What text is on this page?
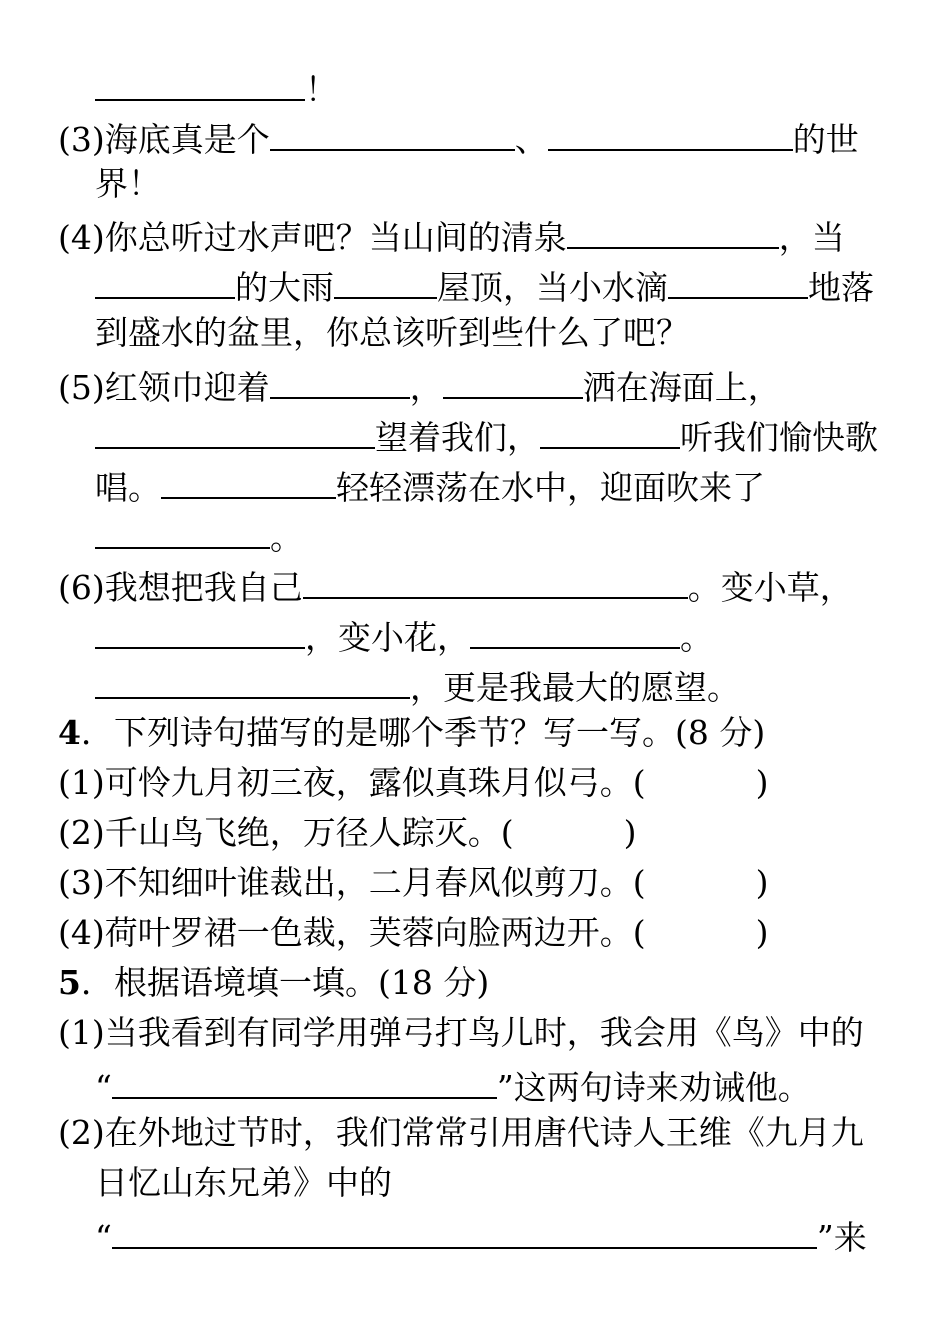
！
(3)海底真是个	、	的世
界！
(4)你总听过水声吧？当山间的清泉	，当
的大雨	屋顶，当小水滴	地落
到盛水的盆里，你总该听到些什么了吧？
(5)红领巾迎着	，	洒在海面上，
望着我们，	听我们愉快歌
唱。	轻轻漂荡在水中，迎面吹来了
。
(6)我想把我自己	。变小草，
，变小花，	。
，更是我最大的愿望。
4 ．下列诗句描写的是哪个季节？写一写。(8 分)
(1)可怜九月初三夜，露似真珠月似弓。(	)
(2)千山鸟飞绝，万径人踪灭。(	)
(3)不知细叶谁裁出，二月春风似剪刀。(	)
(4)荷叶罗裙一色裁，芙蓉向脸两边开。(	)
5 ．根据语境填一填。(18 分)
(1)当我看到有同学用弹弓打鸟儿时，我会用《鸟》中的
“	”这两句诗来劝诫他。
(2)在外地过节时，我们常常引用唐代诗人王维《九月九
日忆山东兄弟》中的
“	”来
